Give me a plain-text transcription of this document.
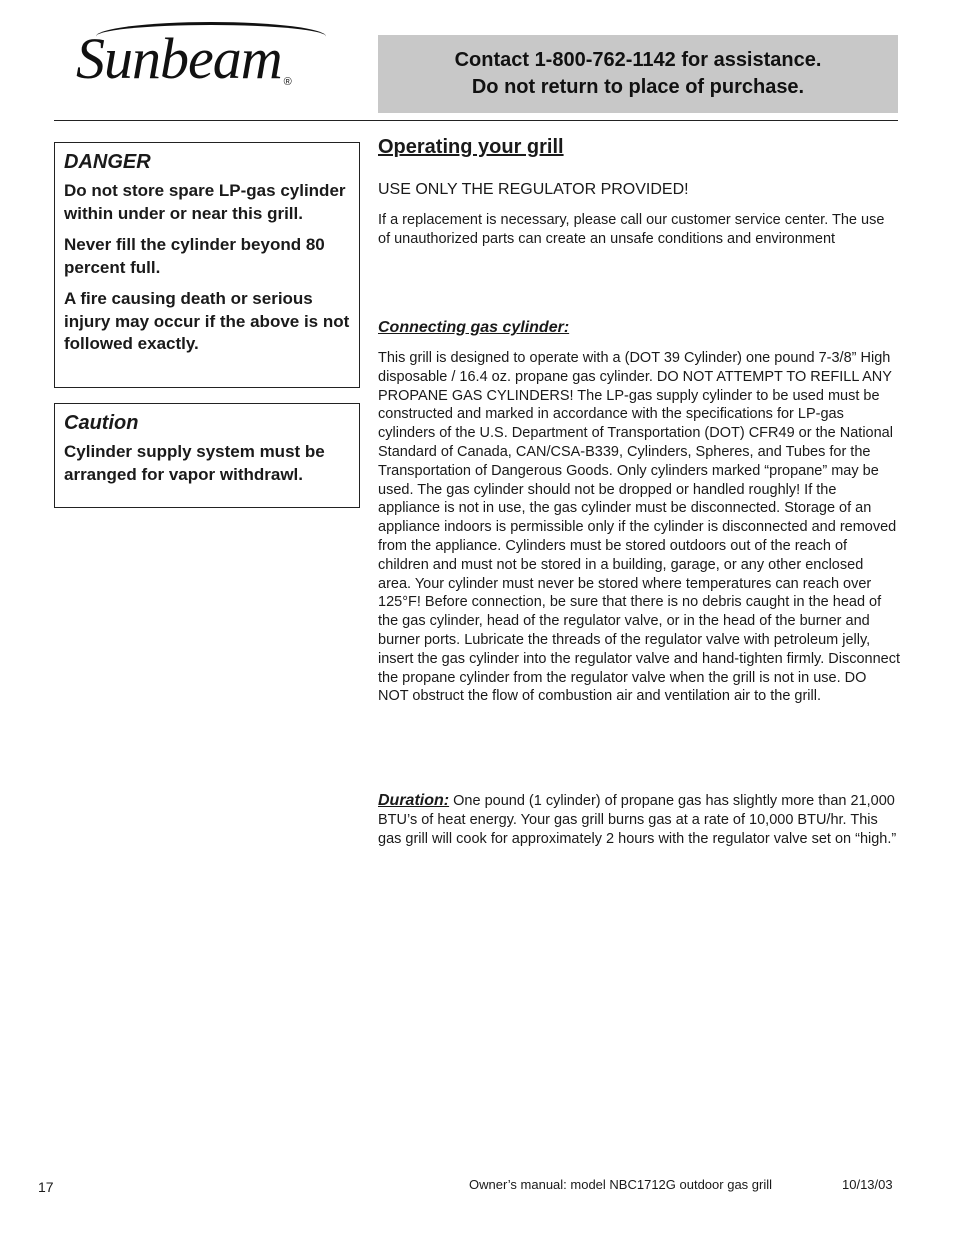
Sunbeam ®
Contact 1-800-762-1142 for assistance.
Do not return to place of purchase.
DANGER

Do not store spare LP-gas cylinder within under or near this grill.

Never fill the cylinder beyond 80 percent full.

A fire causing death or serious injury may occur if the above is not followed exactly.

Caution

Cylinder supply system must be arranged for vapor withdrawl.

Operating your grill
USE ONLY THE REGULATOR PROVIDED!

If a replacement is necessary, please call our customer service center. The use of unauthorized parts can create an unsafe conditions and environment

Connecting gas cylinder:

This grill is designed to operate with a (DOT 39 Cylinder) one pound 7-3/8” High disposable / 16.4 oz. propane gas cylinder. DO NOT ATTEMPT TO REFILL ANY PROPANE GAS CYLINDERS! The LP-gas supply cylinder to be used must be constructed and marked in accordance with the specifications for LP-gas cylinders of the U.S. Department of Transportation (DOT) CFR49 or the National Standard of Canada, CAN/CSA-B339, Cylinders, Spheres, and Tubes for the Transportation of Dangerous Goods. Only cylinders marked “propane” may be used. The gas cylinder should not be dropped or handled roughly! If the appliance is not in use, the gas cylinder must be disconnected. Storage of an appliance indoors is permissible only if the cylinder is disconnected and removed from the appliance. Cylinders must be stored outdoors out of the reach of children and must not be stored in a building, garage, or any other enclosed area. Your cylinder must never be stored where temperatures can reach over 125°F! Before connection, be sure that there is no debris caught in the head of the gas cylinder, head of the regulator valve, or in the head of the burner and burner ports. Lubricate the threads of the regulator valve with petroleum jelly, insert the gas cylinder into the regulator valve and hand-tighten firmly. Disconnect the propane cylinder from the regulator valve when the grill is not in use. DO NOT obstruct the flow of combustion air and ventilation air to the grill.

Duration: One pound (1 cylinder) of propane gas has slightly more than 21,000 BTU’s of heat energy. Your gas grill burns gas at a rate of 10,000 BTU/hr. This gas grill will cook for approximately 2 hours with the regulator valve set on “high.”

17	Owner’s manual: model NBC1712G outdoor gas grill	10/13/03
